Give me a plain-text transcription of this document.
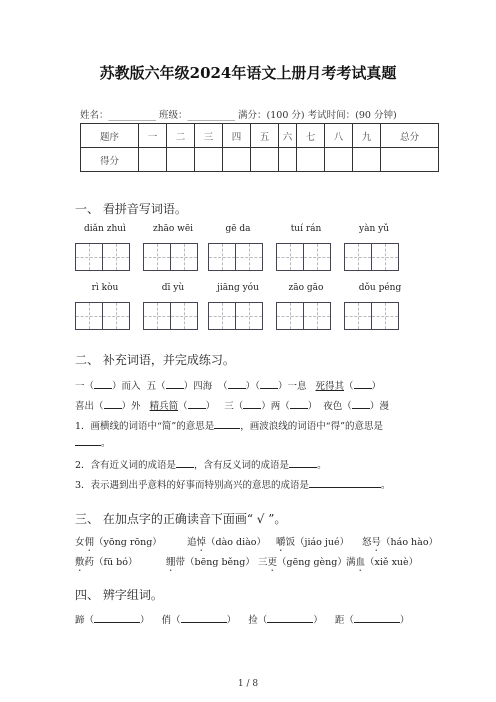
苏教版六年级2024年语文上册月考考试真题
姓名：__________ 班级：__________ 满分：(100 分) 考试时间：(90 分钟)
题序	一	二	三	四	五	六	七	八	九	总分
得分										
一、 看拼音写词语。
diǎn zhuì	zhāo wēi	gē da	tuí rán	yàn yǔ
rì kòu	dī yù	jiāng yóu	zāo gāo	dǒu péng
二、 补充词语，并完成练习。
一（ ）而入 五（ ）四海 （ ）（ ）一息 死得其（ ）
喜出（ ）外 精兵简（ ） 三（ ）两（ ） 夜色（ ）漫
1．画横线的词语中“简”的意思是	，画波浪线的词语中“得”的意思是
。
2．含有近义词的成语是 ，含有反义词的成语是	。
3．表示遇到出乎意料的好事而特别高兴的意思的成语是	。
三、 在加点字的正确读音下面画“ √ ”。
女佣（yōng rōng）	追悼（dào diào） 嚼饭（jiáo jué） 怒号（háo hào）
敷药（fū bó）	绷带（bēng běng） 三更（gēng gèng） 满血（xiě xuè）
四、 辨字组词。
蹄（	） 俏（	） 捡（	） 距（	）
1 / 8
